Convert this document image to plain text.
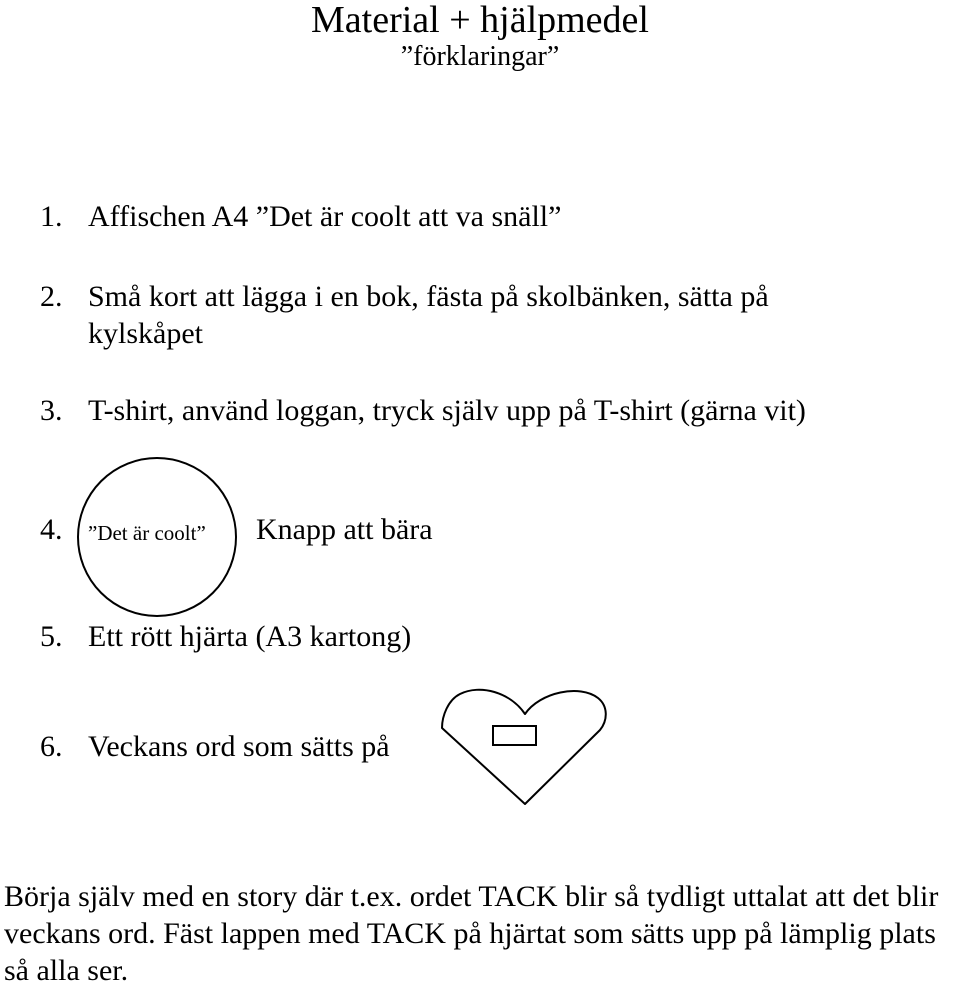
Material + hjälpmedel
”förklaringar”
1. Affischen A4 ”Det är coolt att va snäll”
2. Små kort att lägga i en bok, fästa på skolbänken, sätta på
kylskåpet
3. T-shirt, använd loggan, tryck själv upp på T-shirt (gärna vit)
4. ”Det är coolt” Knapp att bära
5. Ett rött hjärta (A3 kartong)
6. Veckans ord som sätts på
Börja själv med en story där t.ex. ordet TACK blir så tydligt uttalat att det blir veckans ord. Fäst lappen med TACK på hjärtat som sätts upp på lämplig plats så alla ser.
